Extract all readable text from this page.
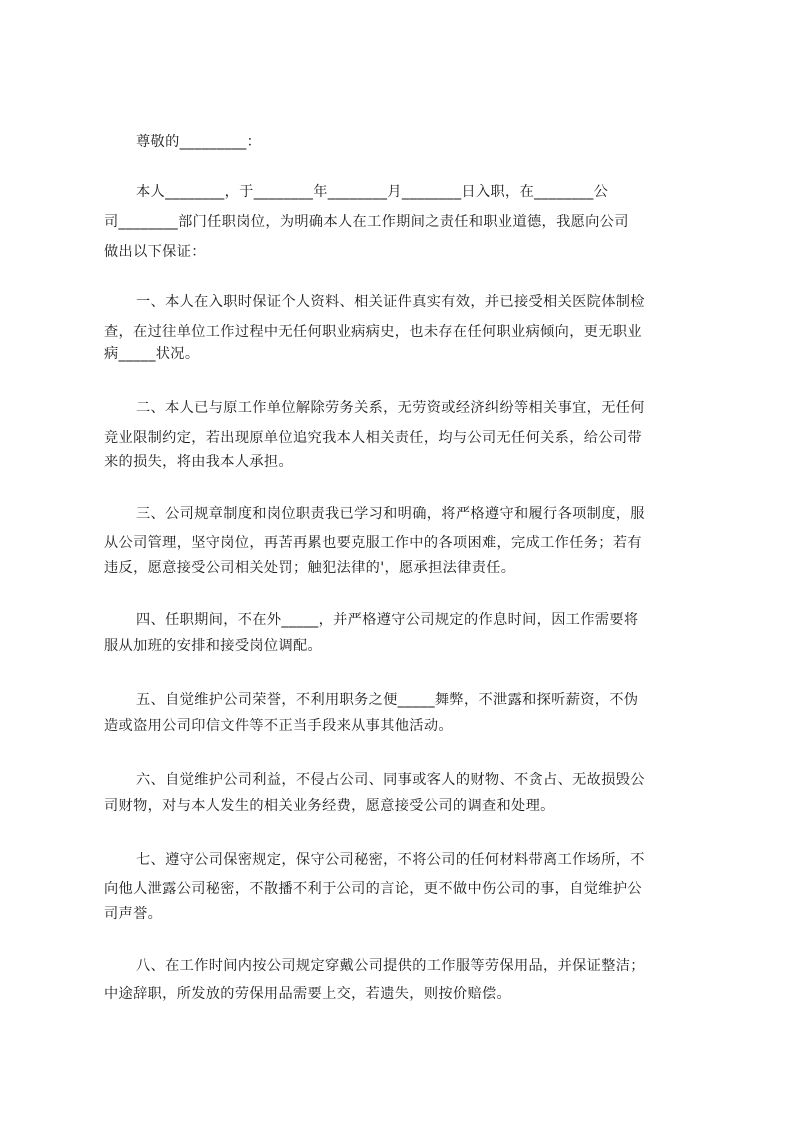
尊敬的_________：
本人________，于________年________月________日入职，在________公
司________部门任职岗位，为明确本人在工作期间之责任和职业道德，我愿向公司
做出以下保证：
一、本人在入职时保证个人资料、相关证件真实有效，并已接受相关医院体制检
查，在过往单位工作过程中无任何职业病病史，也未存在任何职业病倾向，更无职业
病_____状况。
二、本人已与原工作单位解除劳务关系，无劳资或经济纠纷等相关事宜，无任何
竞业限制约定，若出现原单位追究我本人相关责任，均与公司无任何关系，给公司带
来的损失，将由我本人承担。
三、公司规章制度和岗位职责我已学习和明确，将严格遵守和履行各项制度，服
从公司管理，坚守岗位，再苦再累也要克服工作中的各项困难，完成工作任务；若有
违反，愿意接受公司相关处罚；触犯法律的'，愿承担法律责任。
四、任职期间，不在外_____，并严格遵守公司规定的作息时间，因工作需要将
服从加班的安排和接受岗位调配。
五、自觉维护公司荣誉，不利用职务之便_____舞弊，不泄露和探听薪资，不伪
造或盗用公司印信文件等不正当手段来从事其他活动。
六、自觉维护公司利益，不侵占公司、同事或客人的财物、不贪占、无故损毁公
司财物，对与本人发生的相关业务经费，愿意接受公司的调查和处理。
七、遵守公司保密规定，保守公司秘密，不将公司的任何材料带离工作场所，不
向他人泄露公司秘密，不散播不利于公司的言论，更不做中伤公司的事，自觉维护公
司声誉。
八、在工作时间内按公司规定穿戴公司提供的工作服等劳保用品，并保证整洁；
中途辞职，所发放的劳保用品需要上交，若遗失，则按价赔偿。
